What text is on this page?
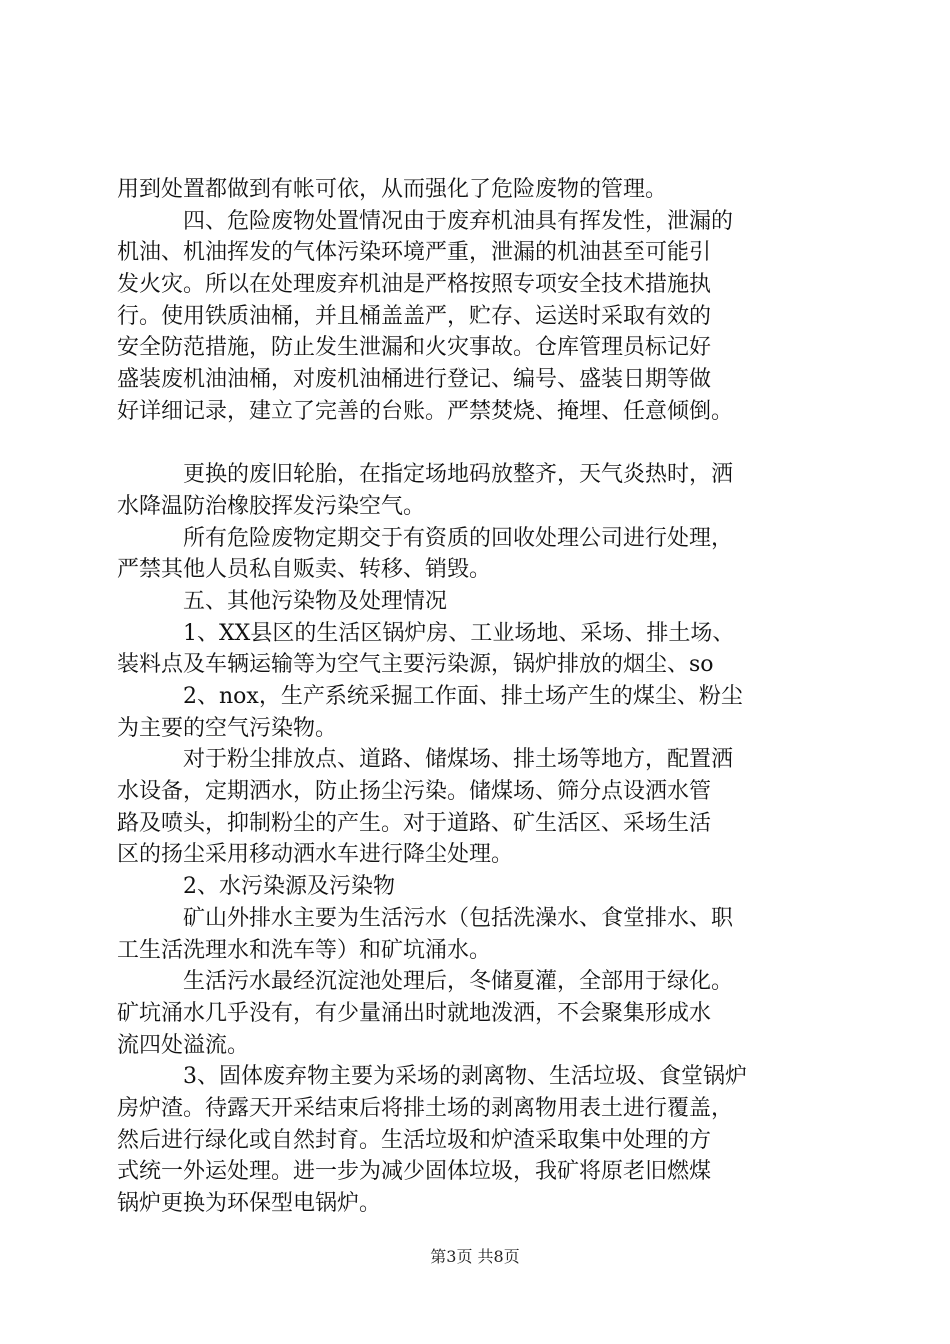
用到处置都做到有帐可依，从而强化了危险废物的管理。
四、危险废物处置情况由于废弃机油具有挥发性，泄漏的
机油、机油挥发的气体污染环境严重，泄漏的机油甚至可能引
发火灾。所以在处理废弃机油是严格按照专项安全技术措施执
行。使用铁质油桶，并且桶盖盖严，贮存、运送时采取有效的
安全防范措施，防止发生泄漏和火灾事故。仓库管理员标记好
盛装废机油油桶，对废机油桶进行登记、编号、盛装日期等做
好详细记录，建立了完善的台账。严禁焚烧、掩埋、任意倾倒。
更换的废旧轮胎，在指定场地码放整齐，天气炎热时，洒
水降温防治橡胶挥发污染空气。
所有危险废物定期交于有资质的回收处理公司进行处理，
严禁其他人员私自贩卖、转移、销毁。
五、其他污染物及处理情况
1、XX县区的生活区锅炉房、工业场地、采场、排土场、
装料点及车辆运输等为空气主要污染源，锅炉排放的烟尘、so
2、nox，生产系统采掘工作面、排土场产生的煤尘、粉尘
为主要的空气污染物。
对于粉尘排放点、道路、储煤场、排土场等地方，配置洒
水设备，定期洒水，防止扬尘污染。储煤场、筛分点设洒水管
路及喷头，抑制粉尘的产生。对于道路、矿生活区、采场生活
区的扬尘采用移动洒水车进行降尘处理。
2、水污染源及污染物
矿山外排水主要为生活污水（包括洗澡水、食堂排水、职
工生活洗理水和洗车等）和矿坑涌水。
生活污水最经沉淀池处理后，冬储夏灌，全部用于绿化。
矿坑涌水几乎没有，有少量涌出时就地泼洒，不会聚集形成水
流四处溢流。
3、固体废弃物主要为采场的剥离物、生活垃圾、食堂锅炉
房炉渣。待露天开采结束后将排土场的剥离物用表土进行覆盖，
然后进行绿化或自然封育。生活垃圾和炉渣采取集中处理的方
式统一外运处理。进一步为减少固体垃圾，我矿将原老旧燃煤
锅炉更换为环保型电锅炉。
第3页 共8页
